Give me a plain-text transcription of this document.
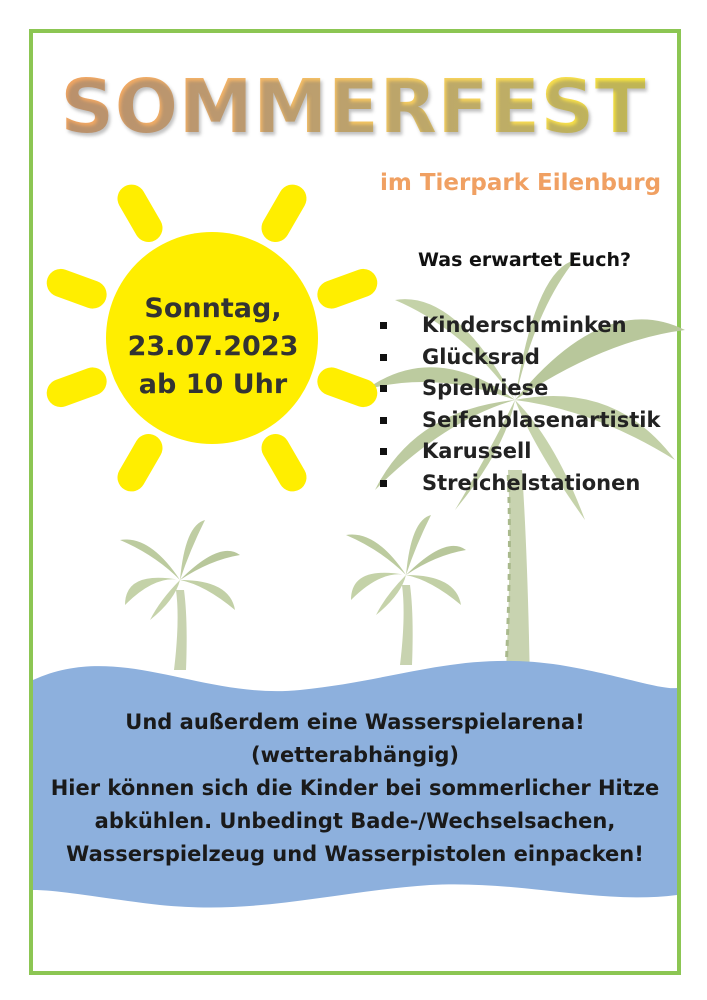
SOMMERFEST
im Tierpark Eilenburg
Sonntag,
23.07.2023
ab 10 Uhr
Was erwartet Euch?
Kinderschminken
Glücksrad
Spielwiese
Seifenblasenartistik
Karussell
Streichelstationen
Und außerdem eine Wasserspielarena!
(wetterabhängig)
Hier können sich die Kinder bei sommerlicher Hitze
abkühlen. Unbedingt Bade-/Wechselsachen,
Wasserspielzeug und Wasserpistolen einpacken!
